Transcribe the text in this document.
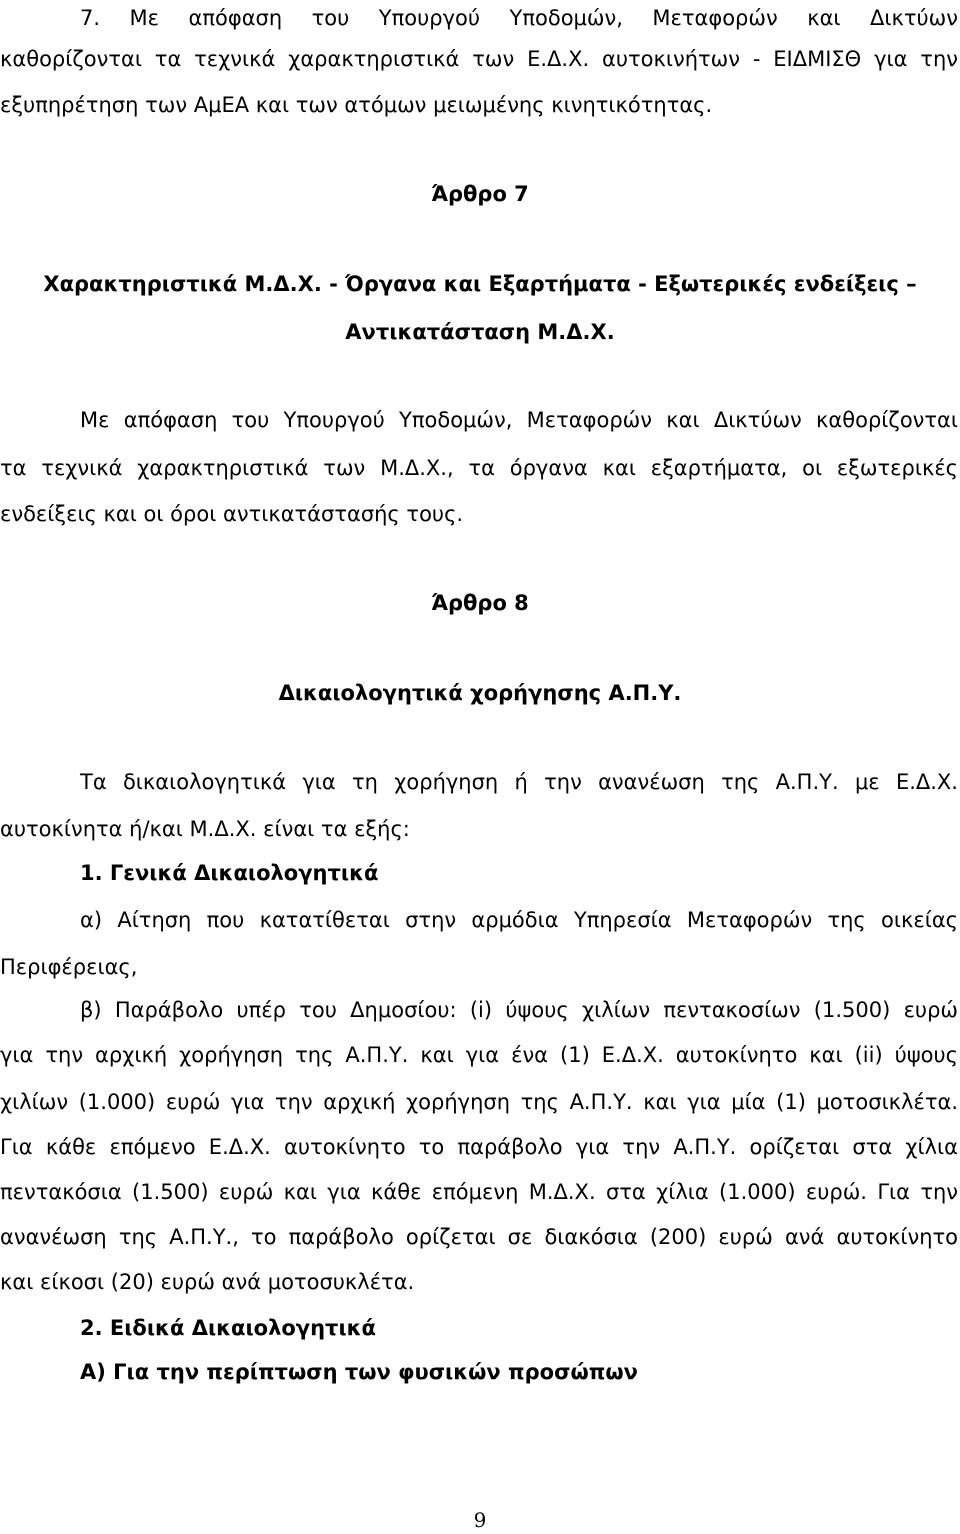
7. Με απόφαση του Υπουργού Υποδομών, Μεταφορών και Δικτύων
καθορίζονται τα τεχνικά χαρακτηριστικά των Ε.Δ.Χ. αυτοκινήτων - ΕΙΔΜΙΣΘ για την
εξυπηρέτηση των ΑμΕΑ και των ατόμων μειωμένης κινητικότητας.
Άρθρο 7
Χαρακτηριστικά Μ.Δ.Χ. - Όργανα και Εξαρτήματα - Εξωτερικές ενδείξεις –
Αντικατάσταση Μ.Δ.Χ.
Με απόφαση του Υπουργού Υποδομών, Μεταφορών και Δικτύων καθορίζονται
τα τεχνικά χαρακτηριστικά των Μ.Δ.Χ., τα όργανα και εξαρτήματα, οι εξωτερικές
ενδείξεις και οι όροι αντικατάστασής τους.
Άρθρο 8
Δικαιολογητικά χορήγησης Α.Π.Υ.
Τα δικαιολογητικά για τη χορήγηση ή την ανανέωση της Α.Π.Υ. με Ε.Δ.Χ.
αυτοκίνητα ή/και Μ.Δ.Χ. είναι τα εξής:
1. Γενικά Δικαιολογητικά
α) Αίτηση που κατατίθεται στην αρμόδια Υπηρεσία Μεταφορών της οικείας
Περιφέρειας,
β) Παράβολο υπέρ του Δημοσίου: (i) ύψους χιλίων πεντακοσίων (1.500) ευρώ
για την αρχική χορήγηση της Α.Π.Υ. και για ένα (1) Ε.Δ.Χ. αυτοκίνητο και (ii) ύψους
χιλίων (1.000) ευρώ για την αρχική χορήγηση της Α.Π.Υ. και για μία (1) μοτοσικλέτα.
Για κάθε επόμενο Ε.Δ.Χ. αυτοκίνητο το παράβολο για την Α.Π.Υ. ορίζεται στα χίλια
πεντακόσια (1.500) ευρώ και για κάθε επόμενη Μ.Δ.Χ. στα χίλια (1.000) ευρώ. Για την
ανανέωση της Α.Π.Υ., το παράβολο ορίζεται σε διακόσια (200) ευρώ ανά αυτοκίνητο
και είκοσι (20) ευρώ ανά μοτοσυκλέτα.
2. Ειδικά Δικαιολογητικά
Α) Για την περίπτωση των φυσικών προσώπων
9
